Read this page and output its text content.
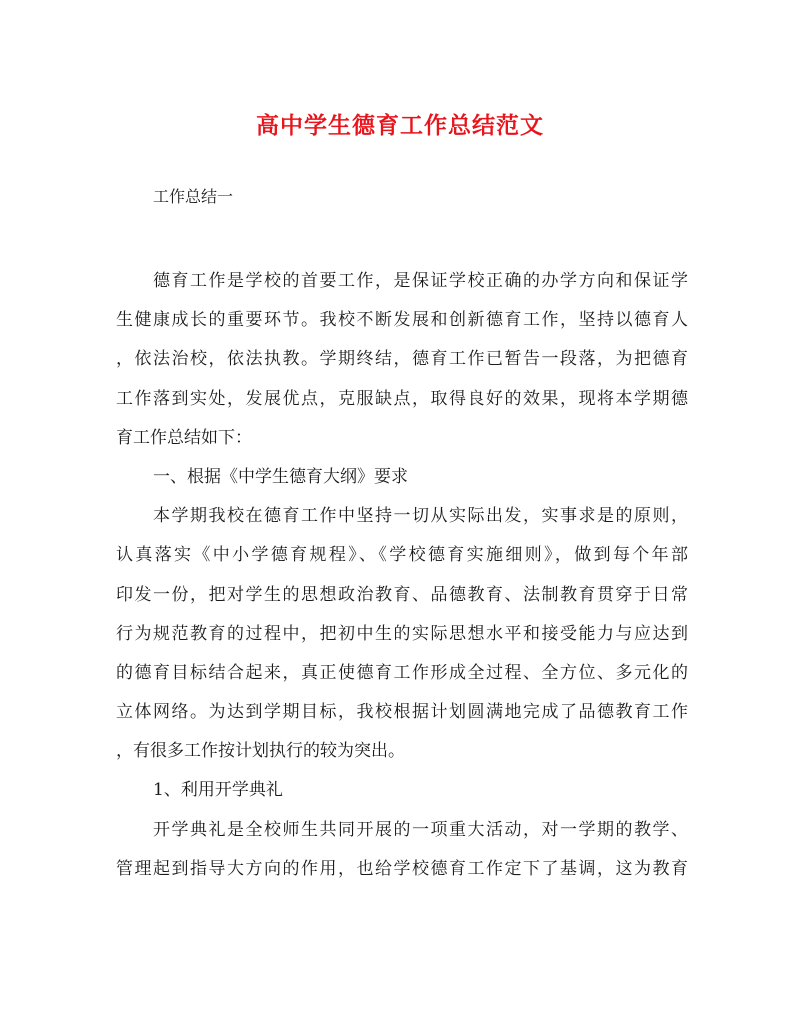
高中学生德育工作总结范文

工作总结一

德育工作是学校的首要工作，是保证学校正确的办学方向和保证学
生健康成长的重要环节。我校不断发展和创新德育工作，坚持以德育人
，依法治校，依法执教。学期终结，德育工作已暂告一段落，为把德育
工作落到实处，发展优点，克服缺点，取得良好的效果，现将本学期德
育工作总结如下：
一、根据《中学生德育大纲》要求
本学期我校在德育工作中坚持一切从实际出发，实事求是的原则，
认真落实《中小学德育规程》、《学校德育实施细则》，做到每个年部
印发一份，把对学生的思想政治教育、品德教育、法制教育贯穿于日常
行为规范教育的过程中，把初中生的实际思想水平和接受能力与应达到
的德育目标结合起来，真正使德育工作形成全过程、全方位、多元化的
立体网络。为达到学期目标，我校根据计划圆满地完成了品德教育工作
，有很多工作按计划执行的较为突出。
1、利用开学典礼
开学典礼是全校师生共同开展的一项重大活动，对一学期的教学、
管理起到指导大方向的作用，也给学校德育工作定下了基调，这为教育
